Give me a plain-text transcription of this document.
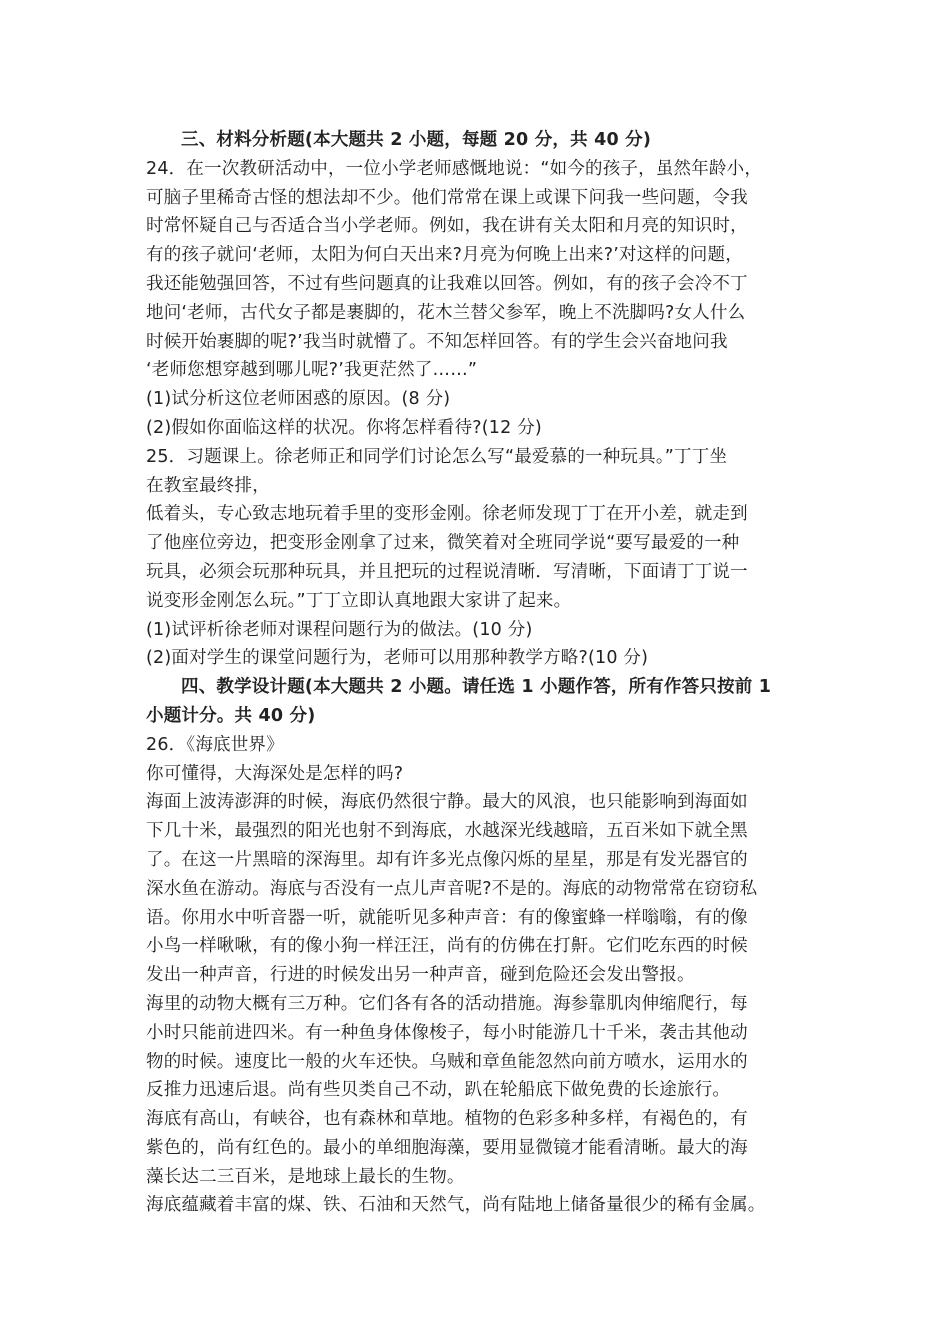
三、材料分析题(本大题共 2 小题，每题 20 分，共 40 分)
24．在一次教研活动中，一位小学老师感慨地说：“如今的孩子，虽然年龄小，
可脑子里稀奇古怪的想法却不少。他们常常在课上或课下问我一些问题，令我
时常怀疑自己与否适合当小学老师。例如，我在讲有关太阳和月亮的知识时，
有的孩子就问‘老师，太阳为何白天出来?月亮为何晚上出来?’对这样的问题，
我还能勉强回答，不过有些问题真的让我难以回答。例如，有的孩子会冷不丁
地问‘老师，古代女子都是裹脚的，花木兰替父参军，晚上不洗脚吗?女人什么
时候开始裹脚的呢?’我当时就懵了。不知怎样回答。有的学生会兴奋地问我
‘老师您想穿越到哪儿呢?’我更茫然了……”
(1)试分析这位老师困惑的原因。(8 分)
(2)假如你面临这样的状况。你将怎样看待?(12 分)
25．习题课上。徐老师正和同学们讨论怎么写“最爱慕的一种玩具。”丁丁坐
在教室最终排，
低着头，专心致志地玩着手里的变形金刚。徐老师发现丁丁在开小差，就走到
了他座位旁边，把变形金刚拿了过来，微笑着对全班同学说“要写最爱的一种
玩具，必须会玩那种玩具，并且把玩的过程说清晰．写清晰，下面请丁丁说一
说变形金刚怎么玩。”丁丁立即认真地跟大家讲了起来。
(1)试评析徐老师对课程问题行为的做法。(10 分)
(2)面对学生的课堂问题行为，老师可以用那种教学方略?(10 分)
四、教学设计题(本大题共 2 小题。请任选 1 小题作答，所有作答只按前 1
小题计分。共 40 分)
26．《海底世界》
你可懂得，大海深处是怎样的吗?
海面上波涛澎湃的时候，海底仍然很宁静。最大的风浪，也只能影响到海面如
下几十米，最强烈的阳光也射不到海底，水越深光线越暗，五百米如下就全黑
了。在这一片黑暗的深海里。却有许多光点像闪烁的星星，那是有发光器官的
深水鱼在游动。海底与否没有一点儿声音呢?不是的。海底的动物常常在窃窃私
语。你用水中听音器一听，就能听见多种声音：有的像蜜蜂一样嗡嗡，有的像
小鸟一样啾啾，有的像小狗一样汪汪，尚有的仿佛在打鼾。它们吃东西的时候
发出一种声音，行进的时候发出另一种声音，碰到危险还会发出警报。
海里的动物大概有三万种。它们各有各的活动措施。海参靠肌肉伸缩爬行，每
小时只能前进四米。有一种鱼身体像梭子，每小时能游几十千米，袭击其他动
物的时候。速度比一般的火车还快。乌贼和章鱼能忽然向前方喷水，运用水的
反推力迅速后退。尚有些贝类自己不动，趴在轮船底下做免费的长途旅行。
海底有高山，有峡谷，也有森林和草地。植物的色彩多种多样，有褐色的，有
紫色的，尚有红色的。最小的单细胞海藻，要用显微镜才能看清晰。最大的海
藻长达二三百米，是地球上最长的生物。
海底蕴藏着丰富的煤、铁、石油和天然气，尚有陆地上储备量很少的稀有金属。
